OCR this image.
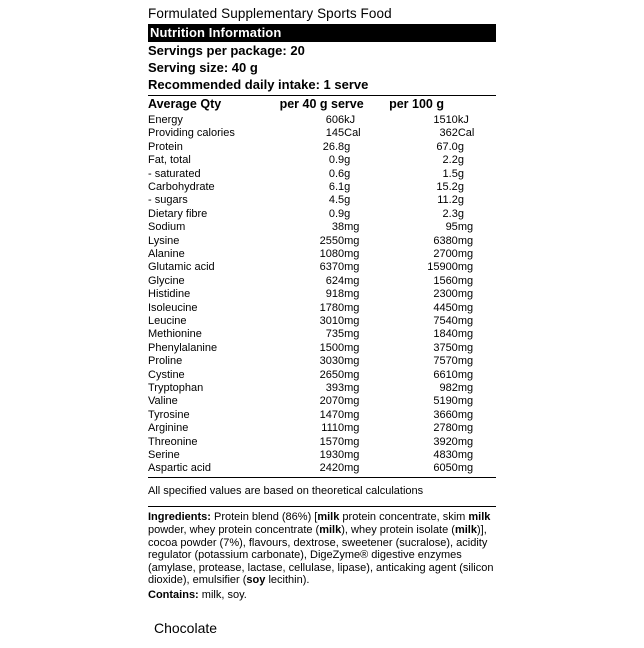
Formulated Supplementary Sports Food
Nutrition Information
Servings per package: 20
Serving size: 40 g
Recommended daily intake: 1 serve
Average Qty	per 40 g serve		per 100 g	
Energy	606	kJ	1510	kJ
Providing calories	145	Cal	362	Cal
Protein	26.8	g	67.0	g
Fat, total	0.9	g	2.2	g
- saturated	0.6	g	1.5	g
Carbohydrate	6.1	g	15.2	g
- sugars	4.5	g	11.2	g
Dietary fibre	0.9	g	2.3	g
Sodium	38	mg	95	mg
Lysine	2550	mg	6380	mg
Alanine	1080	mg	2700	mg
Glutamic acid	6370	mg	15900	mg
Glycine	624	mg	1560	mg
Histidine	918	mg	2300	mg
Isoleucine	1780	mg	4450	mg
Leucine	3010	mg	7540	mg
Methionine	735	mg	1840	mg
Phenylalanine	1500	mg	3750	mg
Proline	3030	mg	7570	mg
Cystine	2650	mg	6610	mg
Tryptophan	393	mg	982	mg
Valine	2070	mg	5190	mg
Tyrosine	1470	mg	3660	mg
Arginine	1110	mg	2780	mg
Threonine	1570	mg	3920	mg
Serine	1930	mg	4830	mg
Aspartic acid	2420	mg	6050	mg
All specified values are based on theoretical calculations
Ingredients: Protein blend (86%) [milk protein concentrate, skim milk powder, whey protein concentrate (milk), whey protein isolate (milk)], cocoa powder (7%), flavours, dextrose, sweetener (sucralose), acidity regulator (potassium carbonate), DigeZyme® digestive enzymes (amylase, protease, lactase, cellulase, lipase), anticaking agent (silicon dioxide), emulsifier (soy lecithin).
Contains: milk, soy.
Chocolate
